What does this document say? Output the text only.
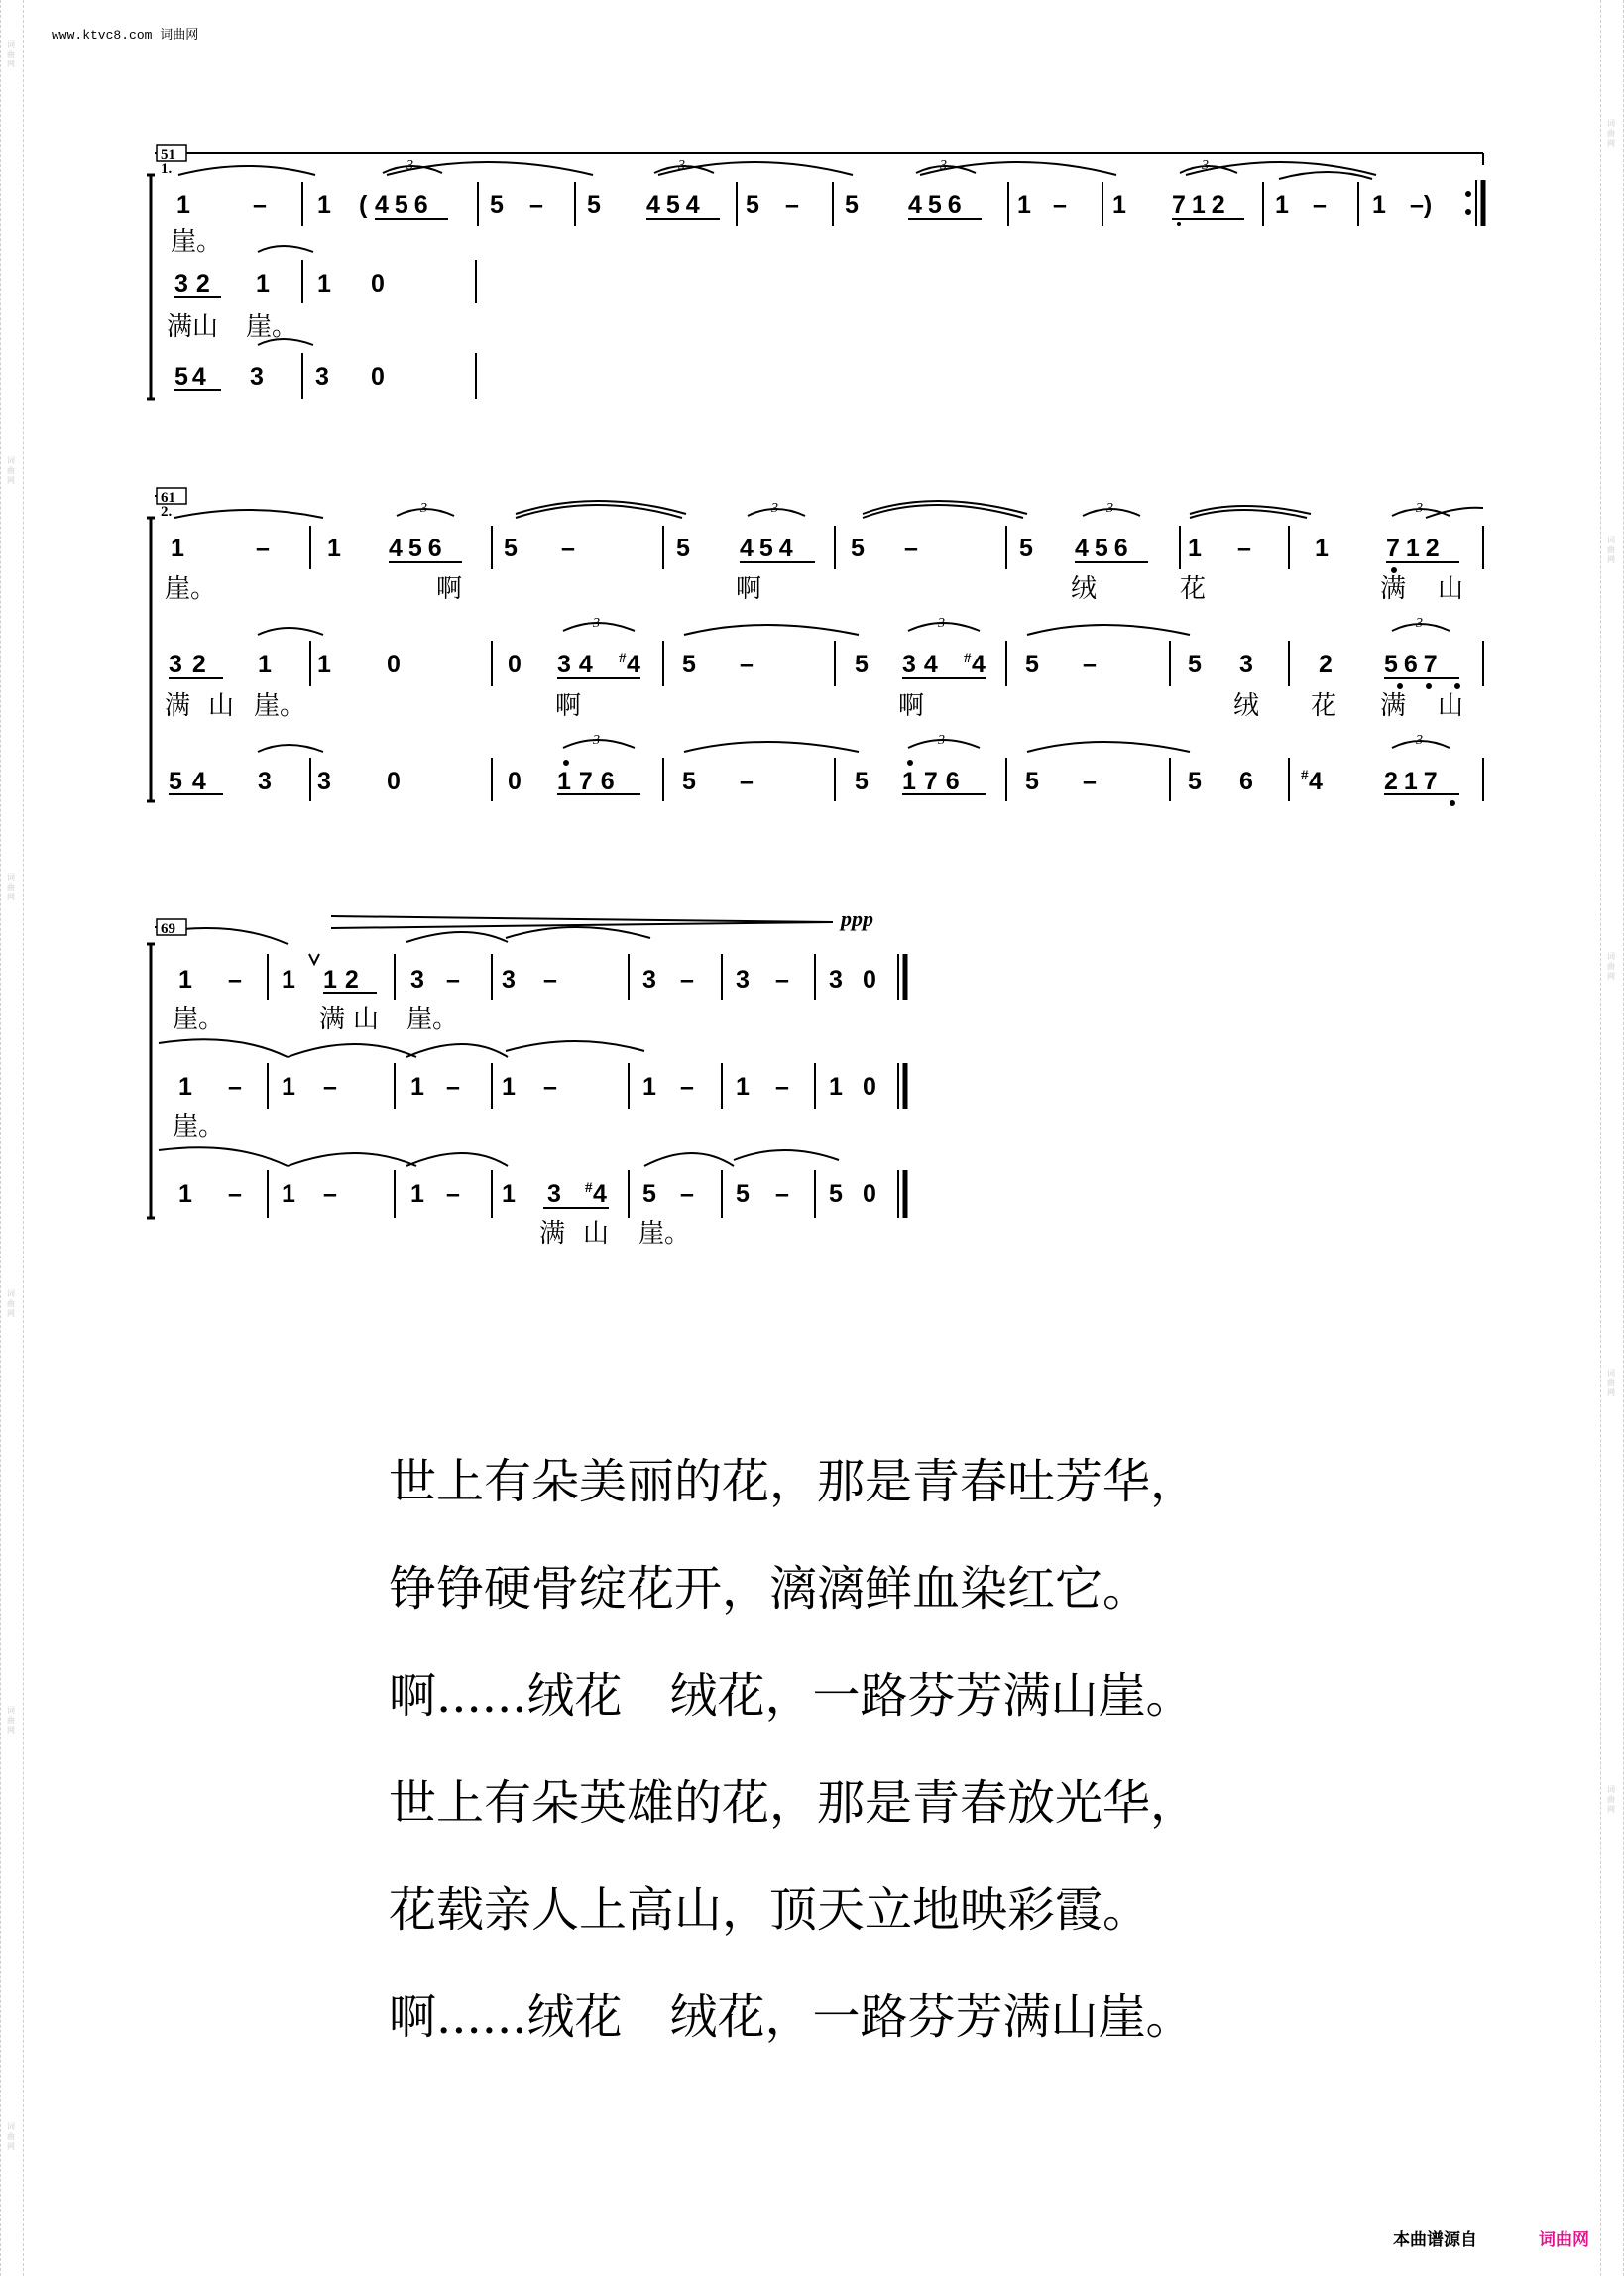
词曲网
词曲网
词曲网
词曲网
词曲网
词曲网
词曲网
词曲网
词曲网
词曲网
词曲网
www.ktvc8.com 词曲网
51
1.
1	– 1 ( 456 5 – 5 454 5 – 5 456 1 – 1 712 1 – 1 –)
32 1 1 0
54 3 3 0
崖。
满山 崖。
3	3	3	3
61
2.
1	– 1 456 5 –	5 454 5 –	5 456 1 –	1 712
32 1 1 0	0 34 # 4 5 –	5 34 # 4 5 –	5 3	2 567
54 3 3 0	0 176 5 –	5 176 5 –	5 6	# 4 217
崖。	啊	啊	绒	花	满 山
满 山 崖。	啊	啊	绒 花 满 山
3	3	3	3
3	3	3
3	3	3
69	ppp
1 – 1 12 3 – 3 –	3 – 3 – 3 0
1 – 1 –	1 – 1 –	1 – 1 – 1 0
1 – 1 –	1 – 1 3 # 4 5 – 5 – 5 0
崖。	满 山 崖。
崖。
满 山 崖。
世上有朵美丽的花，那是青春吐芳华，
铮铮硬骨绽花开，漓漓鲜血染红它。
啊......绒花　绒花，一路芬芳满山崖。
世上有朵英雄的花，那是青春放光华，
花载亲人上高山，顶天立地映彩霞。
啊......绒花　绒花，一路芬芳满山崖。
本曲谱源自	词曲网
